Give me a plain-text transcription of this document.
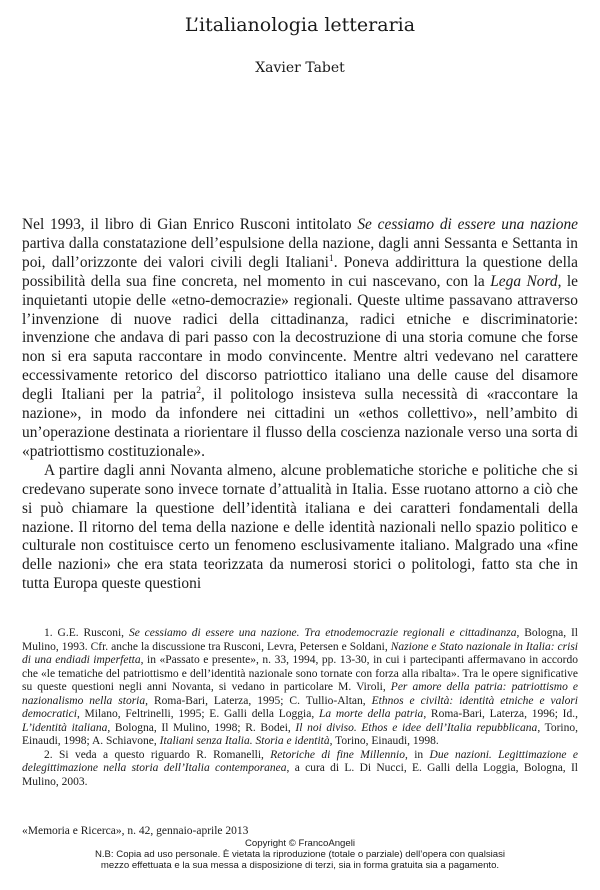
L’italianologia letteraria
Xavier Tabet

Nel 1993, il libro di Gian Enrico Rusconi intitolato Se cessiamo di essere una nazione partiva dalla constatazione dell’espulsione della nazione, dagli anni Sessanta e Settanta in poi, dall’orizzonte dei valori civili degli Italiani$^1$. Poneva addirittura la questione della possibilità della sua fine concreta, nel momento in cui nascevano, con la Lega Nord, le inquietanti utopie delle «etno-democrazie» regionali. Queste ultime passavano attraverso l’invenzione di nuove radici della cittadinanza, radici etniche e discriminatorie: invenzione che andava di pari passo con la decostruzione di una storia comune che forse non si era saputa raccontare in modo convincente. Mentre altri vedevano nel carattere eccessivamente retorico del discorso patriottico italiano una delle cause del disamore degli Italiani per la patria$^2$, il politologo insisteva sulla necessità di «raccontare la nazione», in modo da infondere nei cittadini un «ethos collettivo», nell’ambito di un’operazione destinata a riorientare il flusso della coscienza nazionale verso una sorta di «patriottismo costituzionale».

A partire dagli anni Novanta almeno, alcune problematiche storiche e politiche che si credevano superate sono invece tornate d’attualità in Italia. Esse ruotano attorno a ciò che si può chiamare la questione dell’identità italiana e dei caratteri fondamentali della nazione. Il ritorno del tema della nazione e delle identità nazionali nello spazio politico e culturale non costituisce certo un fenomeno esclusivamente italiano. Malgrado una «fine delle nazioni» che era stata teorizzata da numerosi storici o politologi, fatto sta che in tutta Europa queste questioni

1. G.E. Rusconi, Se cessiamo di essere una nazione. Tra etnodemocrazie regionali e cittadinanza, Bologna, Il Mulino, 1993. Cfr. anche la discussione tra Rusconi, Levra, Petersen e Soldani, Nazione e Stato nazionale in Italia: crisi di una endiadi imperfetta, in «Passato e presente», n. 33, 1994, pp. 13-30, in cui i partecipanti affermavano in accordo che «le tematiche del patriottismo e dell’identità nazionale sono tornate con forza alla ribalta». Tra le opere significative su queste questioni negli anni Novanta, si vedano in particolare M. Viroli, Per amore della patria: patriottismo e nazionalismo nella storia, Roma-Bari, Laterza, 1995; C. Tullio-Altan, Ethnos e civiltà: identità etniche e valori democratici, Milano, Feltrinelli, 1995; E. Galli della Loggia, La morte della patria, Roma-Bari, Laterza, 1996; Id., L’identità italiana, Bologna, Il Mulino, 1998; R. Bodei, Il noi diviso. Ethos e idee dell’Italia repubblicana, Torino, Einaudi, 1998; A. Schiavone, Italiani senza Italia. Storia e identità, Torino, Einaudi, 1998.

2. Si veda a questo riguardo R. Romanelli, Retoriche di fine Millennio, in Due nazioni. Legittimazione e delegittimazione nella storia dell’Italia contemporanea, a cura di L. Di Nucci, E. Galli della Loggia, Bologna, Il Mulino, 2003.

«Memoria e Ricerca», n. 42, gennaio-aprile 2013
Copyright © FrancoAngeli
N.B: Copia ad uso personale. È vietata la riproduzione (totale o parziale) dell’opera con qualsiasi
mezzo effettuata e la sua messa a disposizione di terzi, sia in forma gratuita sia a pagamento.
